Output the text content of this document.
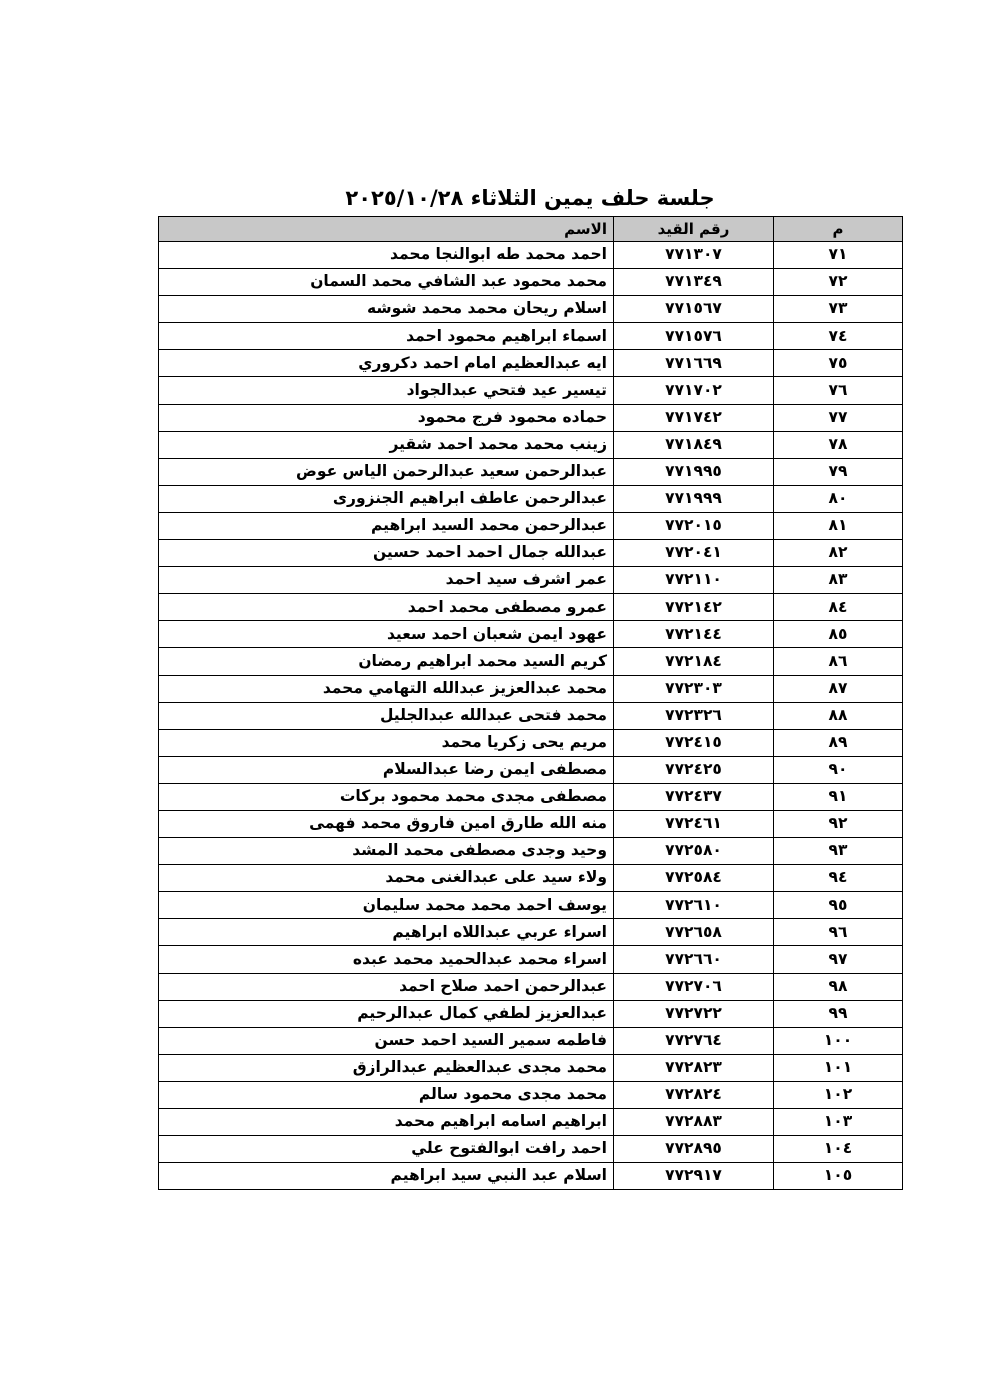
جلسة حلف يمين الثلاثاء ٢٠٢٥/١٠/٢٨
م	رقم القيد	الاسم
٧١	٧٧١٣٠٧	احمد محمد طه ابوالنجا محمد
٧٢	٧٧١٣٤٩	محمد محمود عبد الشافي محمد السمان
٧٣	٧٧١٥٦٧	اسلام ريحان محمد محمد شوشه
٧٤	٧٧١٥٧٦	اسماء ابراهيم محمود احمد
٧٥	٧٧١٦٦٩	ايه عبدالعظيم امام احمد دكروري
٧٦	٧٧١٧٠٢	تيسير عيد فتحي عبدالجواد
٧٧	٧٧١٧٤٢	حماده محمود فرج محمود
٧٨	٧٧١٨٤٩	زينب محمد محمد احمد شقير
٧٩	٧٧١٩٩٥	عبدالرحمن سعيد عبدالرحمن الياس عوض
٨٠	٧٧١٩٩٩	عبدالرحمن عاطف ابراهيم الجنزورى
٨١	٧٧٢٠١٥	عبدالرحمن محمد السيد ابراهيم
٨٢	٧٧٢٠٤١	عبدالله جمال احمد احمد حسين
٨٣	٧٧٢١١٠	عمر اشرف سيد احمد
٨٤	٧٧٢١٤٢	عمرو مصطفى محمد احمد
٨٥	٧٧٢١٤٤	عهود ايمن شعبان احمد سعيد
٨٦	٧٧٢١٨٤	كريم السيد محمد ابراهيم رمضان
٨٧	٧٧٢٣٠٣	محمد عبدالعزيز عبدالله التهامي محمد
٨٨	٧٧٢٣٢٦	محمد فتحى عبدالله عبدالجليل
٨٩	٧٧٢٤١٥	مريم يحى زكريا محمد
٩٠	٧٧٢٤٢٥	مصطفى ايمن رضا عبدالسلام
٩١	٧٧٢٤٣٧	مصطفى مجدى محمد محمود بركات
٩٢	٧٧٢٤٦١	منه الله طارق امين فاروق محمد فهمى
٩٣	٧٧٢٥٨٠	وحيد وجدى مصطفى محمد المشد
٩٤	٧٧٢٥٨٤	ولاء سيد على عبدالغنى محمد
٩٥	٧٧٢٦١٠	يوسف احمد محمد محمد سليمان
٩٦	٧٧٢٦٥٨	اسراء عربي عبداللاه ابراهيم
٩٧	٧٧٢٦٦٠	اسراء محمد عبدالحميد محمد عبده
٩٨	٧٧٢٧٠٦	عبدالرحمن احمد صلاح احمد
٩٩	٧٧٢٧٢٢	عبدالعزيز لطفي كمال عبدالرحيم
١٠٠	٧٧٢٧٦٤	فاطمه سمير السيد احمد حسن
١٠١	٧٧٢٨٢٣	محمد مجدى عبدالعظيم عبدالرازق
١٠٢	٧٧٢٨٢٤	محمد مجدى محمود سالم
١٠٣	٧٧٢٨٨٣	ابراهيم اسامه ابراهيم محمد
١٠٤	٧٧٢٨٩٥	احمد رافت ابوالفتوح علي
١٠٥	٧٧٢٩١٧	اسلام عبد النبي سيد ابراهيم
